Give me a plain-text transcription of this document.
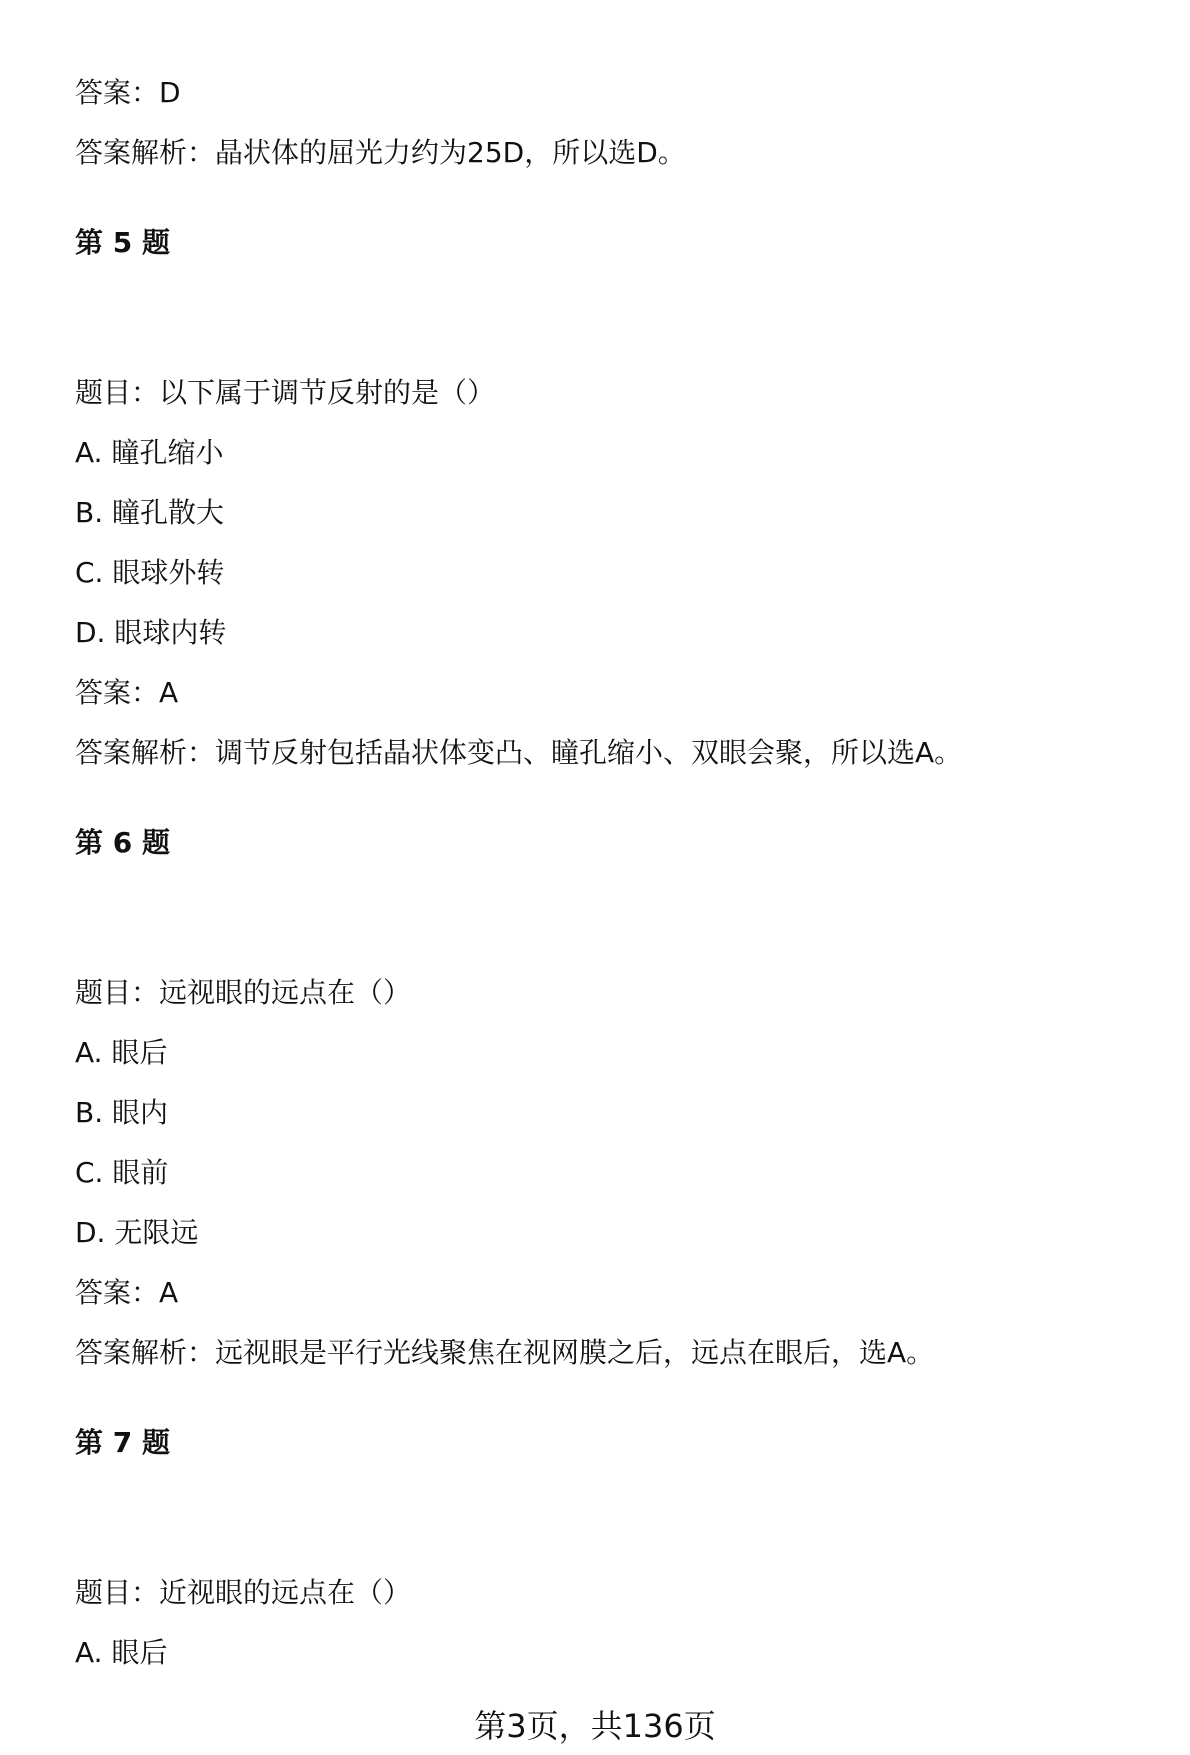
答案：D
答案解析：晶状体的屈光力约为25D，所以选D。
第 5 题
题目：以下属于调节反射的是（）
A. 瞳孔缩小
B. 瞳孔散大
C. 眼球外转
D. 眼球内转
答案：A
答案解析：调节反射包括晶状体变凸、瞳孔缩小、双眼会聚，所以选A。
第 6 题
题目：远视眼的远点在（）
A. 眼后
B. 眼内
C. 眼前
D. 无限远
答案：A
答案解析：远视眼是平行光线聚焦在视网膜之后，远点在眼后，选A。
第 7 题
题目：近视眼的远点在（）
A. 眼后
第3页，共136页
